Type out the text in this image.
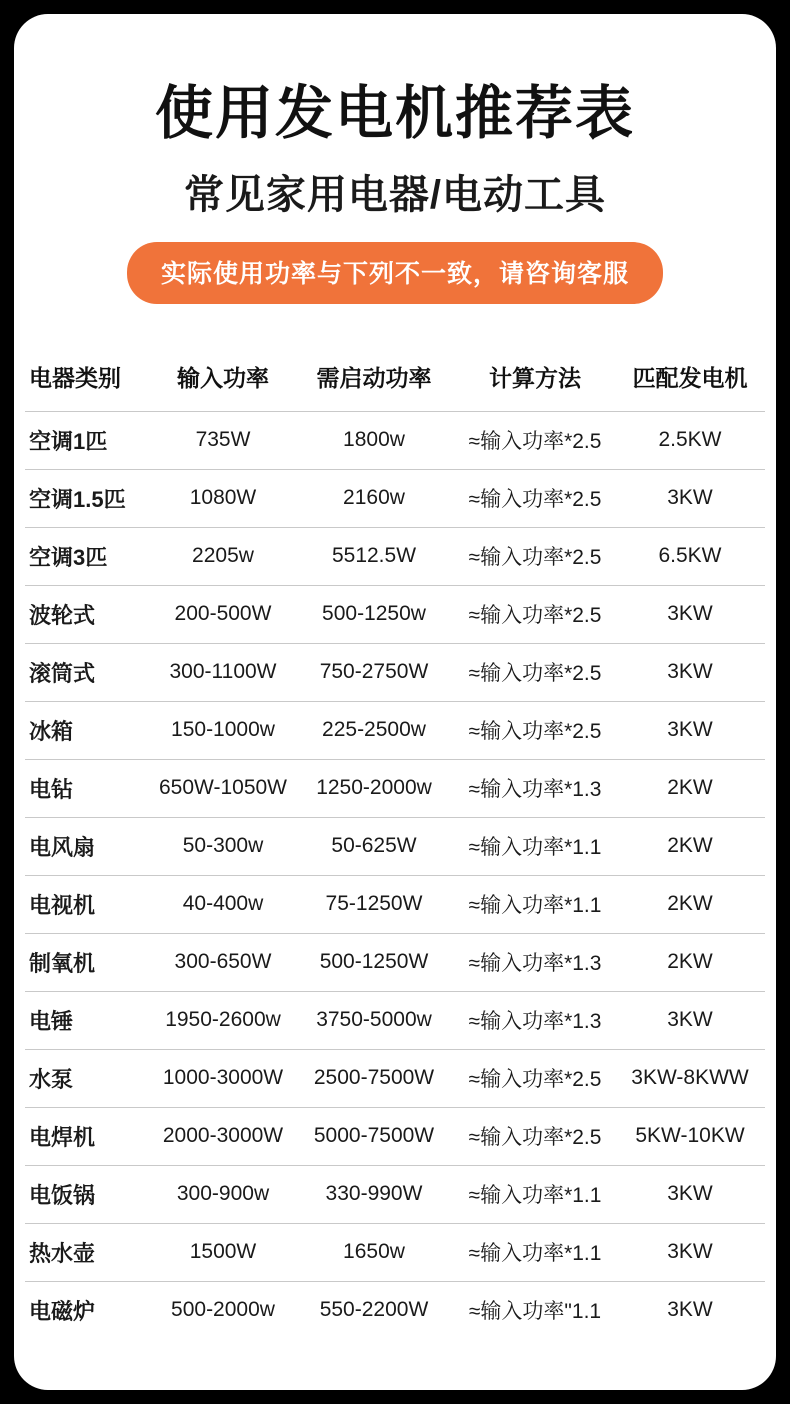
使用发电机推荐表
常见家用电器/电动工具
实际使用功率与下列不一致，请咨询客服
电器类别	输入功率	需启动功率	计算方法	匹配发电机
空调1匹	735W	1800w	≈输入功率*2.5	2.5KW
空调1.5匹	1080W	2160w	≈输入功率*2.5	3KW
空调3匹	2205w	5512.5W	≈输入功率*2.5	6.5KW
波轮式	200-500W	500-1250w	≈输入功率*2.5	3KW
滚筒式	300-1100W	750-2750W	≈输入功率*2.5	3KW
冰箱	150-1000w	225-2500w	≈输入功率*2.5	3KW
电钻	650W-1050W	1250-2000w	≈输入功率*1.3	2KW
电风扇	50-300w	50-625W	≈输入功率*1.1	2KW
电视机	40-400w	75-1250W	≈输入功率*1.1	2KW
制氧机	300-650W	500-1250W	≈输入功率*1.3	2KW
电锤	1950-2600w	3750-5000w	≈输入功率*1.3	3KW
水泵	1000-3000W	2500-7500W	≈输入功率*2.5	3KW-8KWW
电焊机	2000-3000W	5000-7500W	≈输入功率*2.5	5KW-10KW
电饭锅	300-900w	330-990W	≈输入功率*1.1	3KW
热水壶	1500W	1650w	≈输入功率*1.1	3KW
电磁炉	500-2000w	550-2200W	≈输入功率"1.1	3KW
